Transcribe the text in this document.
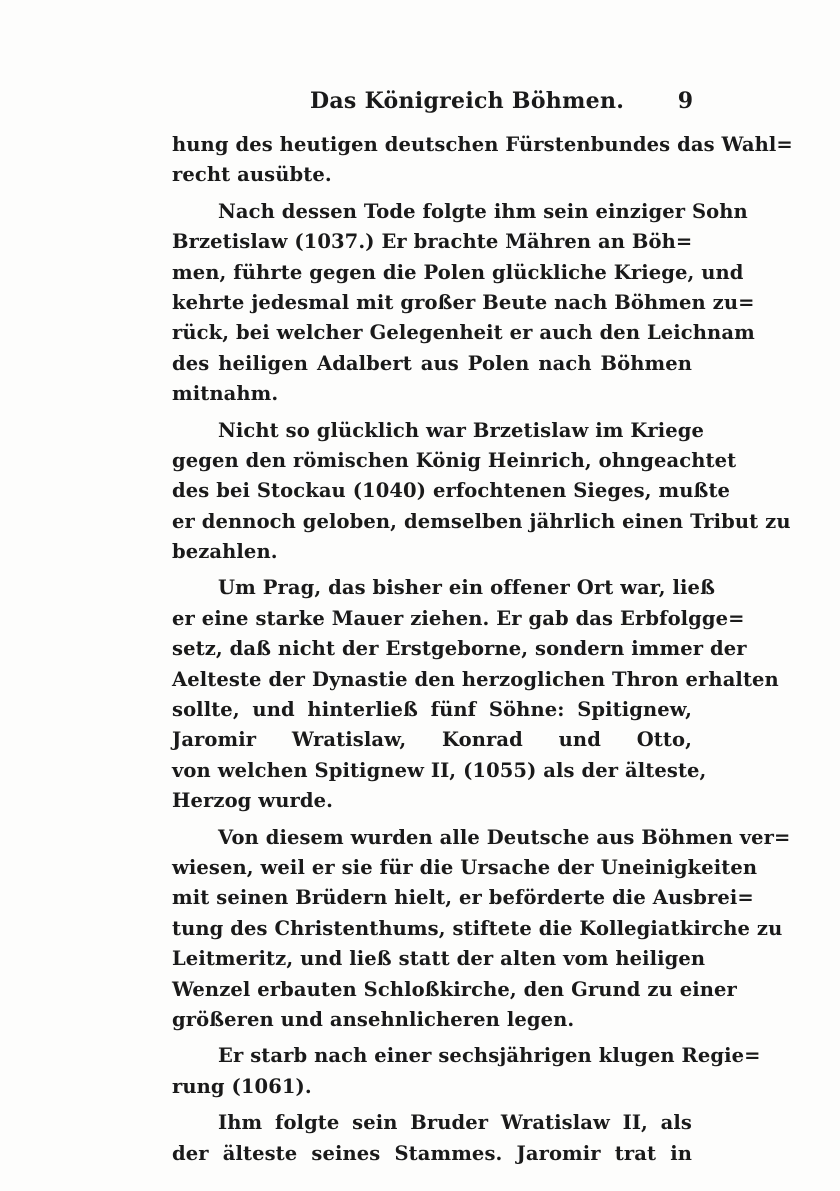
Das Königreich Böhmen. 9
hung des heutigen deutschen Fürstenbundes das Wahl=
recht ausübte.
Nach dessen Tode folgte ihm sein einziger Sohn
Brzetislaw (1037.) Er brachte Mähren an Böh=
men, führte gegen die Polen glückliche Kriege, und
kehrte jedesmal mit großer Beute nach Böhmen zu=
rück, bei welcher Gelegenheit er auch den Leichnam
des heiligen Adalbert aus Polen nach Böhmen
mitnahm.
Nicht so glücklich war Brzetislaw im Kriege
gegen den römischen König Heinrich, ohngeachtet
des bei Stockau (1040) erfochtenen Sieges, mußte
er dennoch geloben, demselben jährlich einen Tribut zu
bezahlen.
Um Prag, das bisher ein offener Ort war, ließ
er eine starke Mauer ziehen. Er gab das Erbfolgge=
setz, daß nicht der Erstgeborne, sondern immer der
Aelteste der Dynastie den herzoglichen Thron erhalten
sollte, und hinterließ fünf Söhne: Spitignew,
Jaromir Wratislaw, Konrad und Otto,
von welchen Spitignew II, (1055) als der älteste,
Herzog wurde.
Von diesem wurden alle Deutsche aus Böhmen ver=
wiesen, weil er sie für die Ursache der Uneinigkeiten
mit seinen Brüdern hielt, er beförderte die Ausbrei=
tung des Christenthums, stiftete die Kollegiatkirche zu
Leitmeritz, und ließ statt der alten vom heiligen
Wenzel erbauten Schloßkirche, den Grund zu einer
größeren und ansehnlicheren legen.
Er starb nach einer sechsjährigen klugen Regie=
rung (1061).
Ihm folgte sein Bruder Wratislaw II, als
der älteste seines Stammes. Jaromir trat in
